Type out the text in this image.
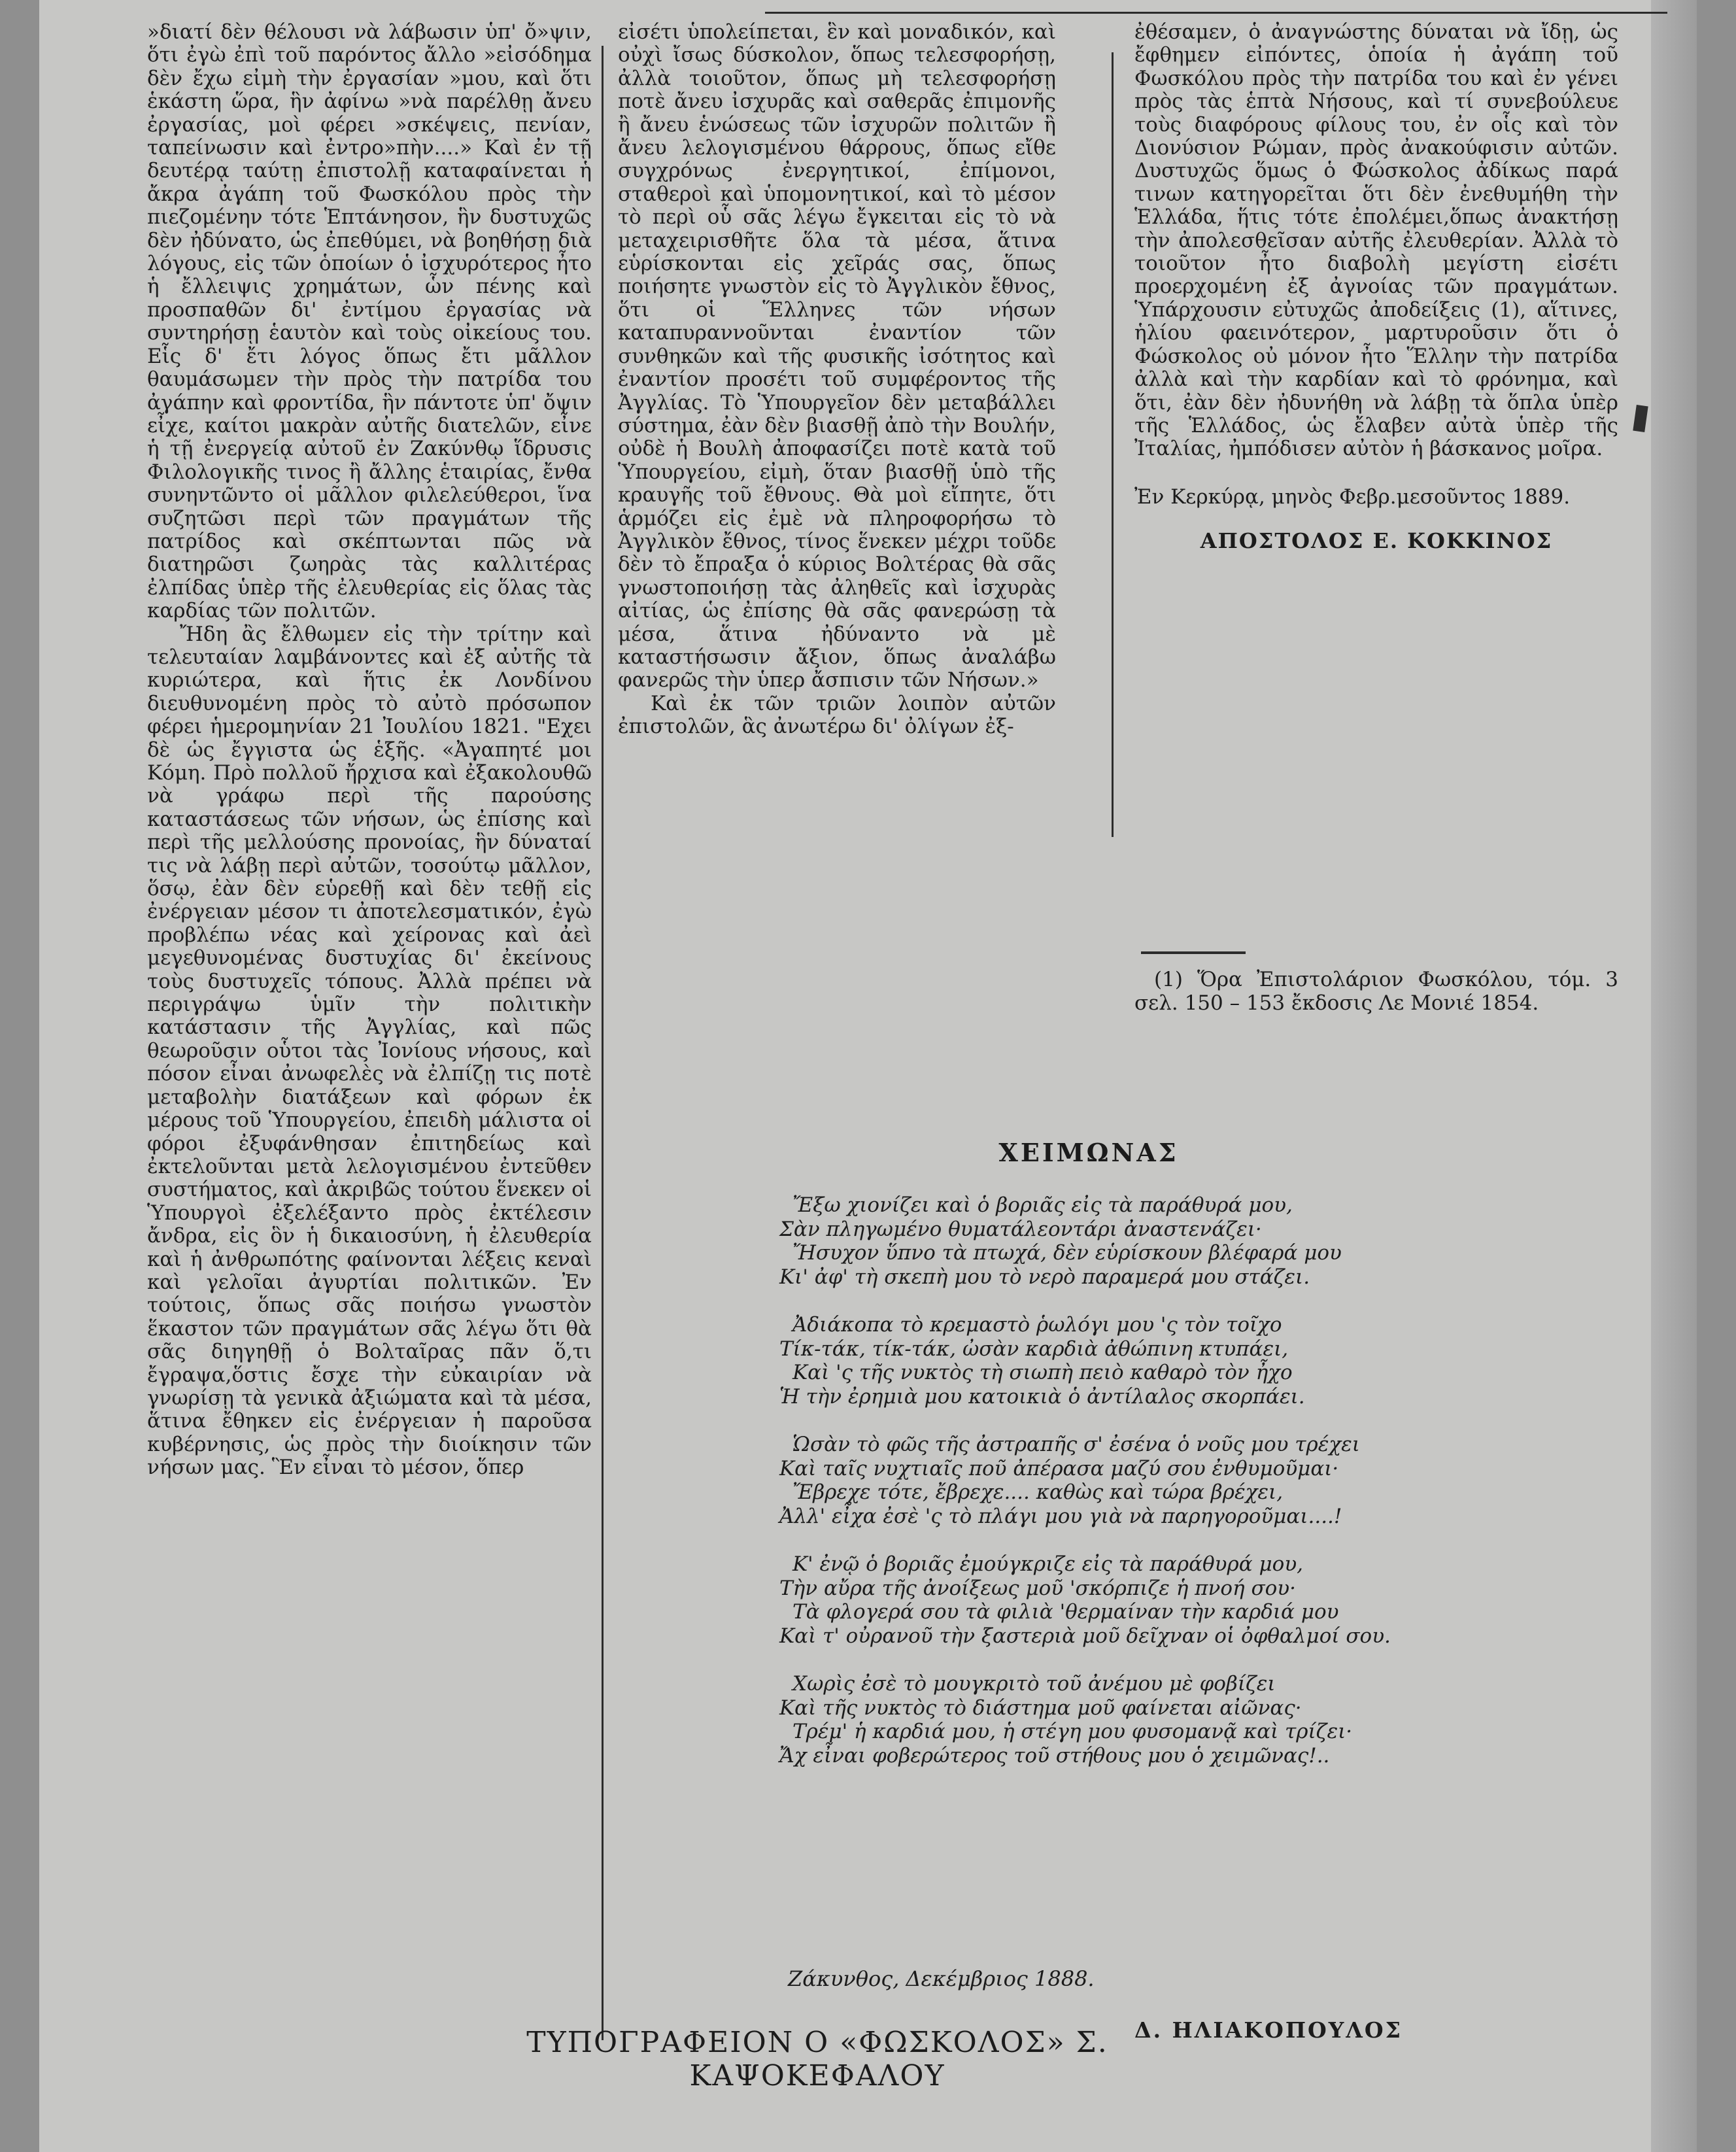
»διατί δὲν θέλουσι νὰ λάβωσιν ὑπ' ὄ»ψιν, ὅτι ἐγὼ ἐπὶ τοῦ παρόντος ἄλλο »εἰσόδημα δὲν ἔχω εἰμὴ τὴν ἐργασίαν »μου, καὶ ὅτι ἑκάστη ὥρα, ἣν ἀφίνω »νὰ παρέλθῃ ἄνευ ἐργασίας, μοὶ φέρει »σκέψεις, πενίαν, ταπείνωσιν καὶ ἐντρο»πὴν....» Καὶ ἐν τῇ δευτέρᾳ ταύτῃ ἐπιστολῇ καταφαίνεται ἡ ἄκρα ἀγάπη τοῦ Φωσκόλου πρὸς τὴν πιεζομένην τότε Ἑπτάνησον, ἣν δυστυχῶς δὲν ἠδύνατο, ὡς ἐπεθύμει, νὰ βοηθήσῃ διὰ λόγους, εἰς τῶν ὁποίων ὁ ἰσχυρότερος ἦτο ἡ ἔλλειψις χρημάτων, ὧν πένης καὶ προσπαθῶν δι' ἐντίμου ἐργασίας νὰ συντηρήσῃ ἑαυτὸν καὶ τοὺς οἰκείους του. Εἷς δ' ἔτι λόγος ὅπως ἔτι μᾶλλον θαυμάσωμεν τὴν πρὸς τὴν πατρίδα του ἀγάπην καὶ φροντίδα, ἣν πάντοτε ὑπ' ὄψιν εἶχε, καίτοι μακρὰν αὐτῆς διατελῶν, εἶνε ἡ τῇ ἐνεργείᾳ αὐτοῦ ἐν Ζακύνθῳ ἵδρυσις Φιλολογικῆς τινος ἢ ἄλλης ἑταιρίας, ἔνθα συνηντῶντο οἱ μᾶλλον φιλελεύθεροι, ἵνα συζητῶσι περὶ τῶν πραγμάτων τῆς πατρίδος καὶ σκέπτωνται πῶς νὰ διατηρῶσι ζωηρὰς τὰς καλλιτέρας ἐλπίδας ὑπὲρ τῆς ἐλευθερίας εἰς ὅλας τὰς καρδίας τῶν πολιτῶν.

Ἤδη ἂς ἔλθωμεν εἰς τὴν τρίτην καὶ τελευταίαν λαμβάνοντες καὶ ἐξ αὐτῆς τὰ κυριώτερα, καὶ ἥτις ἐκ Λονδίνου διευθυνομένη πρὸς τὸ αὐτὸ πρόσωπον φέρει ἡμερομηνίαν 21 Ἰουλίου 1821. "Εχει δὲ ὡς ἔγγιστα ὡς ἑξῆς. «Ἀγαπητέ μοι Κόμη. Πρὸ πολλοῦ ἤρχισα καὶ ἐξακολουθῶ νὰ γράφω περὶ τῆς παρούσης καταστάσεως τῶν νήσων, ὡς ἐπίσης καὶ περὶ τῆς μελλούσης προνοίας, ἣν δύναταί τις νὰ λάβῃ περὶ αὐτῶν, τοσούτῳ μᾶλλον, ὅσῳ, ἐὰν δὲν εὑρεθῇ καὶ δὲν τεθῇ εἰς ἐνέργειαν μέσον τι ἀποτελεσματικόν, ἐγὼ προβλέπω νέας καὶ χείρονας καὶ ἀεὶ μεγεθυνομένας δυστυχίας δι' ἐκείνους τοὺς δυστυχεῖς τόπους. Ἀλλὰ πρέπει νὰ περιγράψω ὑμῖν τὴν πολιτικὴν κατάστασιν τῆς Ἀγγλίας, καὶ πῶς θεωροῦσιν οὗτοι τὰς Ἰονίους νήσους, καὶ πόσον εἶναι ἀνωφελὲς νὰ ἐλπίζῃ τις ποτὲ μεταβολὴν διατάξεων καὶ φόρων ἐκ μέρους τοῦ Ὑπουργείου, ἐπειδὴ μάλιστα οἱ φόροι ἐξυφάνθησαν ἐπιτηδείως καὶ ἐκτελοῦνται μετὰ λελογισμένου ἐντεῦθεν συστήματος, καὶ ἀκριβῶς τούτου ἕνεκεν οἱ Ὑπουργοὶ ἐξελέξαντο πρὸς ἐκτέλεσιν ἄνδρα, εἰς ὃν ἡ δικαιοσύνη, ἡ ἐλευθερία καὶ ἡ ἀνθρωπότης φαίνονται λέξεις κεναὶ καὶ γελοῖαι ἀγυρτίαι πολιτικῶν. Ἐν τούτοις, ὅπως σᾶς ποιήσω γνωστὸν ἕκαστον τῶν πραγμάτων σᾶς λέγω ὅτι θὰ σᾶς διηγηθῇ ὁ Βολταῖρας πᾶν ὅ,τι ἔγραψα,ὅστις ἔσχε τὴν εὐκαιρίαν νὰ γνωρίσῃ τὰ γενικὰ ἀξιώματα καὶ τὰ μέσα, ἅτινα ἔθηκεν εἰς ἐνέργειαν ἡ παροῦσα κυβέρνησις, ὡς πρὸς τὴν διοίκησιν τῶν νήσων μας. Ἓν εἶναι τὸ μέσον, ὅπερ

εἰσέτι ὑπολείπεται, ἓν καὶ μοναδικόν, καὶ οὐχὶ ἴσως δύσκολον, ὅπως τελεσφορήσῃ, ἀλλὰ τοιοῦτον, ὅπως μὴ τελεσφορήσῃ ποτὲ ἄνευ ἰσχυρᾶς καὶ σαθερᾶς ἐπιμονῆς ἢ ἄνευ ἑνώσεως τῶν ἰσχυρῶν πολιτῶν ἢ ἄνευ λελογισμένου θάρρους, ὅπως εἴθε συγχρόνως ἐνεργητικοί, ἐπίμονοι, σταθεροὶ καὶ ὑπομονητικοί, καὶ τὸ μέσον τὸ περὶ οὗ σᾶς λέγω ἔγκειται εἰς τὸ νὰ μεταχειρισθῆτε ὅλα τὰ μέσα, ἅτινα εὑρίσκονται εἰς χεῖράς σας, ὅπως ποιήσητε γνωστὸν εἰς τὸ Ἀγγλικὸν ἔθνος, ὅτι οἱ Ἕλληνες τῶν νήσων καταπυραννοῦνται ἐναντίον τῶν συνθηκῶν καὶ τῆς φυσικῆς ἰσότητος καὶ ἐναντίον προσέτι τοῦ συμφέροντος τῆς Ἀγγλίας. Τὸ Ὑπουργεῖον δὲν μεταβάλλει σύστημα, ἐὰν δὲν βιασθῇ ἀπὸ τὴν Βουλήν, οὐδὲ ἡ Βουλὴ ἀποφασίζει ποτὲ κατὰ τοῦ Ὑπουργείου, εἰμὴ, ὅταν βιασθῇ ὑπὸ τῆς κραυγῆς τοῦ ἔθνους. Θὰ μοὶ εἴπητε, ὅτι ἁρμόζει εἰς ἐμὲ νὰ πληροφορήσω τὸ Ἀγγλικὸν ἔθνος, τίνος ἕνεκεν μέχρι τοῦδε δὲν τὸ ἔπραξα ὁ κύριος Βολτέρας θὰ σᾶς γνωστοποιήσῃ τὰς ἀληθεῖς καὶ ἰσχυρὰς αἰτίας, ὡς ἐπίσης θὰ σᾶς φανερώσῃ τὰ μέσα, ἅτινα ἠδύναντο νὰ μὲ καταστήσωσιν ἄξιον, ὅπως ἀναλάβω φανερῶς τὴν ὑπερ ἄσπισιν τῶν Νήσων.»

Καὶ ἐκ τῶν τριῶν λοιπὸν αὐτῶν ἐπιστολῶν, ἃς ἀνωτέρω δι' ὀλίγων ἐξ-

ἐθέσαμεν, ὁ ἀναγνώστης δύναται νὰ ἴδῃ, ὡς ἔφθημεν εἰπόντες, ὁποία ἡ ἀγάπη τοῦ Φωσκόλου πρὸς τὴν πατρίδα του καὶ ἐν γένει πρὸς τὰς ἑπτὰ Νήσους, καὶ τί συνεβούλευε τοὺς διαφόρους φίλους του, ἐν οἷς καὶ τὸν Διονύσιον Ρώμαν, πρὸς ἀνακούφισιν αὐτῶν. Δυστυχῶς ὅμως ὁ Φώσκολος ἀδίκως παρά τινων κατηγορεῖται ὅτι δὲν ἐνεθυμήθη τὴν Ἑλλάδα, ἥτις τότε ἐπολέμει,ὅπως ἀνακτήσῃ τὴν ἀπολεσθεῖσαν αὐτῆς ἐλευθερίαν. Ἀλλὰ τὸ τοιοῦτον ἦτο διαβολὴ μεγίστη εἰσέτι προερχομένη ἐξ ἀγνοίας τῶν πραγμάτων. Ὑπάρχουσιν εὐτυχῶς ἀποδείξεις (1), αἵτινες, ἡλίου φαεινότερον, μαρτυροῦσιν ὅτι ὁ Φώσκολος οὐ μόνον ἦτο Ἕλλην τὴν πατρίδα ἀλλὰ καὶ τὴν καρδίαν καὶ τὸ φρόνημα, καὶ ὅτι, ἐὰν δὲν ἠδυνήθη νὰ λάβῃ τὰ ὅπλα ὑπὲρ τῆς Ἑλλάδος, ὡς ἔλαβεν αὐτὰ ὑπὲρ τῆς Ἰταλίας, ἠμπόδισεν αὐτὸν ἡ βάσκανος μοῖρα.

Ἐν Κερκύρᾳ, μηνὸς Φεβρ.μεσοῦντος 1889.

ΑΠΟΣΤΟΛΟΣ Ε. ΚΟΚΚΙΝΟΣ

(1) Ὅρα Ἐπιστολάριον Φωσκόλου, τόμ. 3 σελ. 150 – 153 ἔκδοσις Λε Μονιέ 1854.
ΧΕΙΜΩΝΑΣ
Ἔξω χιονίζει καὶ ὁ βοριᾶς εἰς τὰ παράθυρά μου,
Σὰν πληγωμένο θυματάλεοντάρι ἀναστενάζει·
Ἤσυχον ὕπνο τὰ πτωχά, δὲν εὑρίσκουν βλέφαρά μου
Κι' ἀφ' τὴ σκεπὴ μου τὸ νερὸ παραμερά μου στάζει.
Ἀδιάκοπα τὸ κρεμαστὸ ῥωλόγι μου 'ς τὸν τοῖχο
Τίκ-τάκ, τίκ-τάκ, ὠσὰν καρδιὰ ἀθώπινη κτυπάει,
Καὶ 'ς τῆς νυκτὸς τὴ σιωπὴ πειὸ καθαρὸ τὸν ἦχο
Ἡ τὴν ἐρημιὰ μου κατοικιὰ ὁ ἀντίλαλος σκορπάει.
Ὡσὰν τὸ φῶς τῆς ἀστραπῆς σ' ἐσένα ὁ νοῦς μου τρέχει
Καὶ ταῖς νυχτιαῖς ποῦ ἀπέρασα μαζύ σου ἐνθυμοῦμαι·
Ἔβρεχε τότε, ἔβρεχε.... καθὼς καὶ τώρα βρέχει,
Ἀλλ' εἶχα ἐσὲ 'ς τὸ πλάγι μου γιὰ νὰ παρηγοροῦμαι....!
Κ' ἐνῷ ὁ βοριᾶς ἐμούγκριζε εἰς τὰ παράθυρά μου,
Τὴν αὔρα τῆς ἀνοίξεως μοῦ 'σκόρπιζε ἡ πνοή σου·
Τὰ φλογερά σου τὰ φιλιὰ 'θερμαίναν τὴν καρδιά μου
Καὶ τ' οὐρανοῦ τὴν ξαστεριὰ μοῦ δεῖχναν οἱ ὀφθαλμοί σου.
Χωρὶς ἐσὲ τὸ μουγκριτὸ τοῦ ἀνέμου μὲ φοβίζει
Καὶ τῆς νυκτὸς τὸ διάστημα μοῦ φαίνεται αἰῶνας·
Τρέμ' ἡ καρδιά μου, ἡ στέγη μου φυσομανᾷ καὶ τρίζει·
Ἄχ εἶναι φοβερώτερος τοῦ στήθους μου ὁ χειμῶνας!..
Ζάκυνθος, Δεκέμβριος 1888.
Δ. ΗΛΙΑΚΟΠΟΥΛΟΣ
ΤΥΠΟΓΡΑΦΕΙΟΝ Ο «ΦΩΣΚΟΛΟΣ» Σ. ΚΑΨΟΚΕΦΑΛΟΥ
